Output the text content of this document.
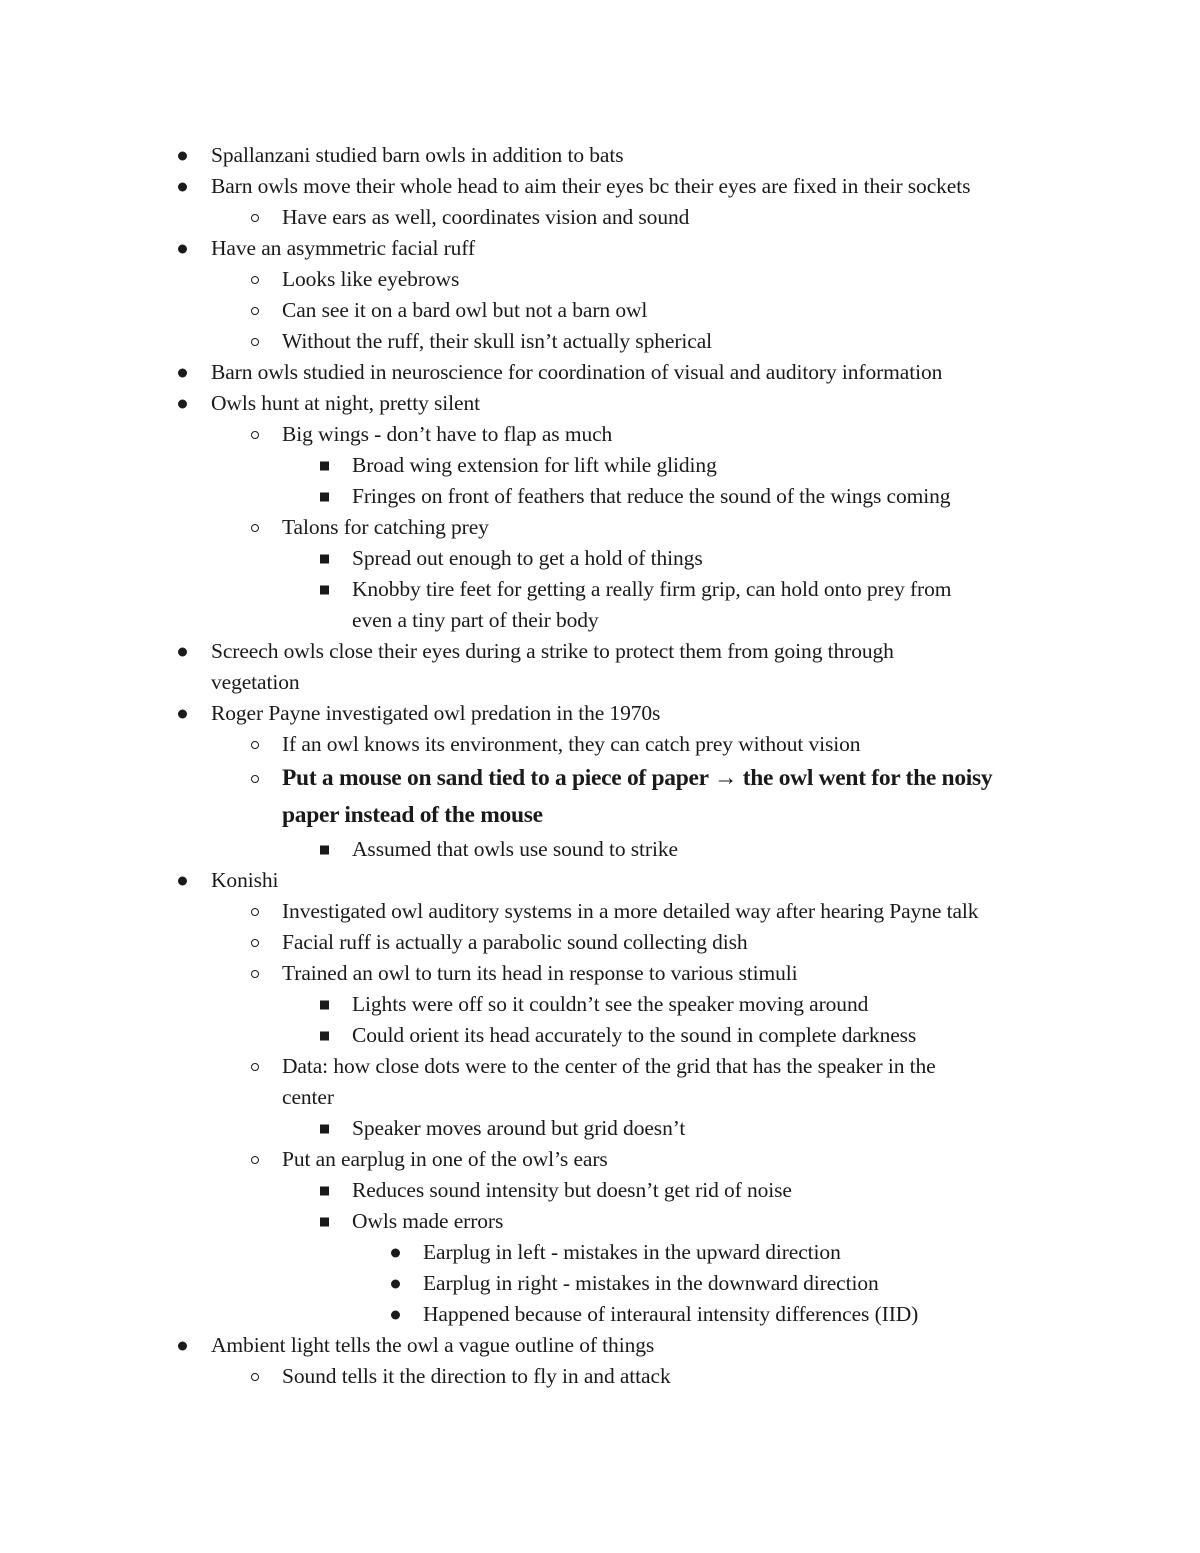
Spallanzani studied barn owls in addition to bats
Barn owls move their whole head to aim their eyes bc their eyes are fixed in their sockets
Have ears as well, coordinates vision and sound
Have an asymmetric facial ruff
Looks like eyebrows
Can see it on a bard owl but not a barn owl
Without the ruff, their skull isn’t actually spherical
Barn owls studied in neuroscience for coordination of visual and auditory information
Owls hunt at night, pretty silent
Big wings - don’t have to flap as much
Broad wing extension for lift while gliding
Fringes on front of feathers that reduce the sound of the wings coming
Talons for catching prey
Spread out enough to get a hold of things
Knobby tire feet for getting a really firm grip, can hold onto prey from
even a tiny part of their body
Screech owls close their eyes during a strike to protect them from going through
vegetation
Roger Payne investigated owl predation in the 1970s
If an owl knows its environment, they can catch prey without vision
Put a mouse on sand tied to a piece of paper → the owl went for the noisy
paper instead of the mouse
Assumed that owls use sound to strike
Konishi
Investigated owl auditory systems in a more detailed way after hearing Payne talk
Facial ruff is actually a parabolic sound collecting dish
Trained an owl to turn its head in response to various stimuli
Lights were off so it couldn’t see the speaker moving around
Could orient its head accurately to the sound in complete darkness
Data: how close dots were to the center of the grid that has the speaker in the
center
Speaker moves around but grid doesn’t
Put an earplug in one of the owl’s ears
Reduces sound intensity but doesn’t get rid of noise
Owls made errors
Earplug in left - mistakes in the upward direction
Earplug in right - mistakes in the downward direction
Happened because of interaural intensity differences (IID)
Ambient light tells the owl a vague outline of things
Sound tells it the direction to fly in and attack
